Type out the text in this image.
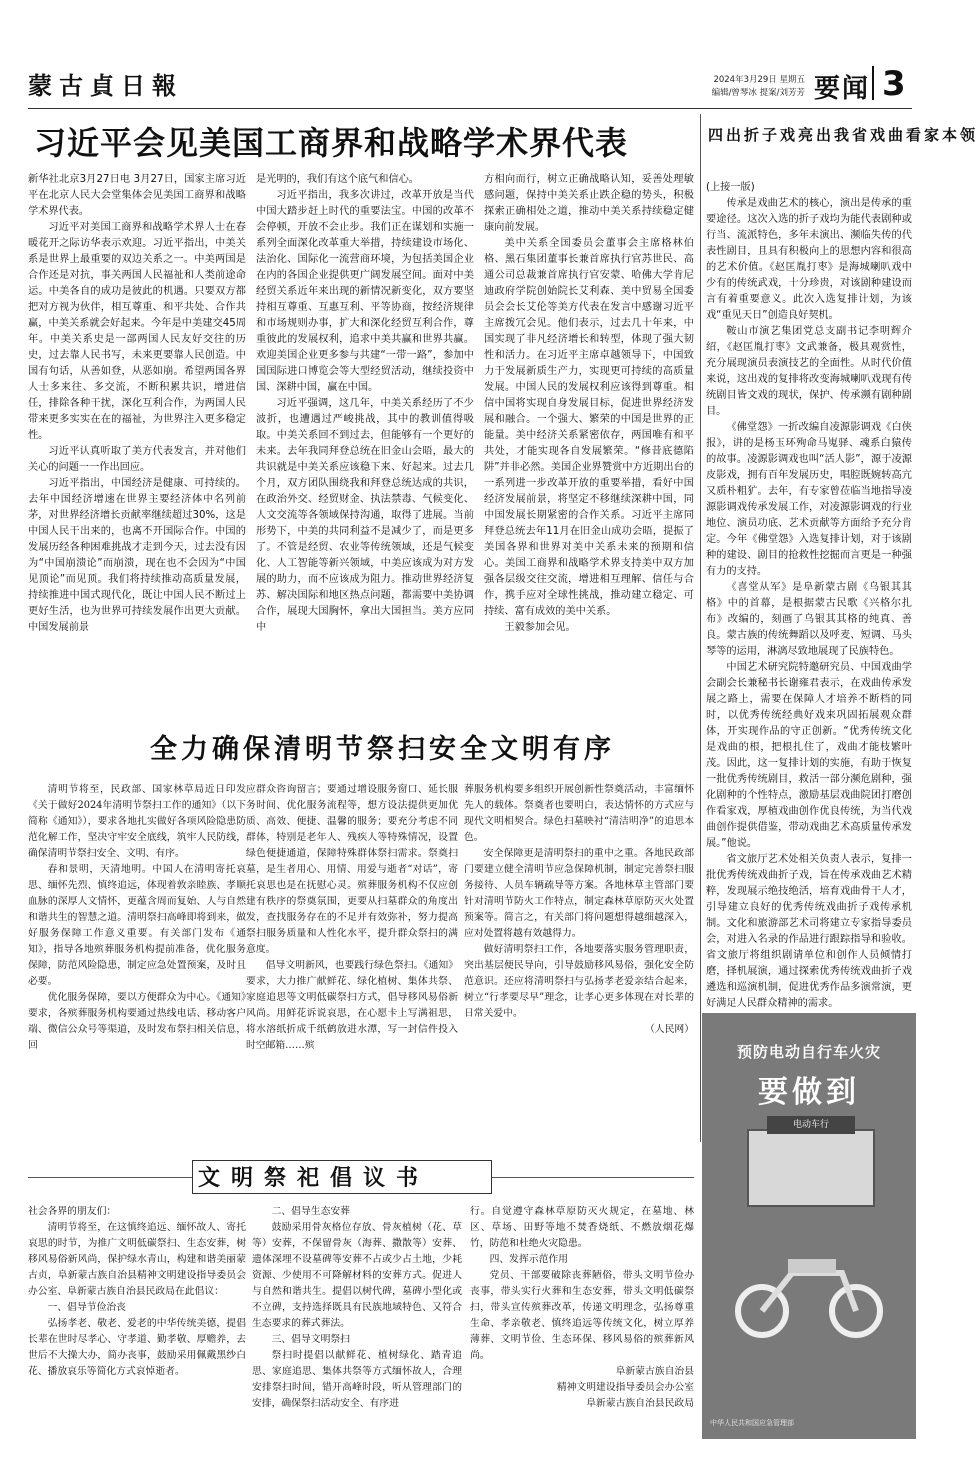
蒙古貞日報	2024年3月29日 星期五
编辑/曾琴冰 提案/刘芳芳 要闻 3
习近平会见美国工商界和战略学术界代表	四出折子戏亮出我省戏曲看家本领

新华社北京3月27日电 3月27日，国家主席习近平在北京人民大会堂集体会见美国工商界和战略学术界代表。

习近平对美国工商界和战略学术界人士在春暖花开之际访华表示欢迎。习近平指出，中美关系是世界上最重要的双边关系之一。中美两国是合作还是对抗，事关两国人民福祉和人类前途命运。中美各自的成功是彼此的机遇。只要双方都把对方视为伙伴，相互尊重、和平共处、合作共赢，中美关系就会好起来。今年是中美建交45周年。中美关系史是一部两国人民友好交往的历史，过去靠人民书写，未来更要靠人民创造。中国有句话，从善如登，从恶如崩。希望两国各界人士多来往、多交流，不断积累共识，增进信任，排除各种干扰，深化互利合作，为两国人民带来更多实实在在的福祉，为世界注入更多稳定性。

习近平认真听取了美方代表发言，并对他们关心的问题一一作出回应。

习近平指出，中国经济是健康、可持续的。去年中国经济增速在世界主要经济体中名列前茅，对世界经济增长贡献率继续超过30%，这是中国人民干出来的，也离不开国际合作。中国的发展历经各种困难挑战才走到今天，过去没有因为“中国崩溃论”而崩溃，现在也不会因为“中国见顶论”而见顶。我们将持续推动高质量发展，持续推进中国式现代化，既让中国人民不断过上更好生活，也为世界可持续发展作出更大贡献。中国发展前景

是光明的，我们有这个底气和信心。

习近平指出，我多次讲过，改革开放是当代中国大踏步赶上时代的重要法宝。中国的改革不会停顿，开放不会止步。我们正在谋划和实施一系列全面深化改革重大举措，持续建设市场化、法治化、国际化一流营商环境，为包括美国企业在内的各国企业提供更广阔发展空间。面对中美经贸关系近年来出现的新情况新变化，双方要坚持相互尊重、互惠互利、平等协商，按经济规律和市场规则办事，扩大和深化经贸互利合作，尊重彼此的发展权利，追求中美共赢和世界共赢。欢迎美国企业更多参与共建“一带一路”，参加中国国际进口博览会等大型经贸活动，继续投资中国、深耕中国，赢在中国。

习近平强调，这几年，中美关系经历了不少波折，也遭遇过严峻挑战，其中的教训值得吸取。中美关系回不到过去，但能够有一个更好的未来。去年我同拜登总统在旧金山会晤，最大的共识就是中美关系应该稳下来、好起来。过去几个月，双方团队围绕我和拜登总统达成的共识，在政治外交、经贸财金、执法禁毒、气候变化、人文交流等各领域保持沟通，取得了进展。当前形势下，中美的共同利益不是减少了，而是更多了。不管是经贸、农业等传统领域，还是气候变化、人工智能等新兴领域，中美应该成为对方发展的助力，而不应该成为阻力。推动世界经济复苏、解决国际和地区热点问题，都需要中美协调合作，展现大国胸怀，拿出大国担当。美方应同中

方相向而行，树立正确战略认知，妥善处理敏感问题，保持中美关系止跌企稳的势头，积极探索正确相处之道，推动中美关系持续稳定健康向前发展。

美中关系全国委员会董事会主席格林伯格、黑石集团董事长兼首席执行官苏世民、高通公司总裁兼首席执行官安蒙、哈佛大学肯尼迪政府学院创始院长艾利森、美中贸易全国委员会会长艾伦等美方代表在发言中感谢习近平主席拨冗会见。他们表示，过去几十年来，中国实现了非凡经济增长和转型，体现了强大韧性和活力。在习近平主席卓越领导下，中国致力于发展新质生产力，实现更可持续的高质量发展。中国人民的发展权利应该得到尊重。相信中国将实现自身发展目标，促进世界经济发展和融合。一个强大、繁荣的中国是世界的正能量。美中经济关系紧密依存，两国唯有和平共处，才能实现各自发展繁荣。“修昔底德陷阱”并非必然。美国企业界赞赏中方近期出台的一系列进一步改革开放的重要举措，看好中国经济发展前景，将坚定不移继续深耕中国，同中国发展长期紧密的合作关系。习近平主席同拜登总统去年11月在旧金山成功会晤，提振了美国各界和世界对美中关系未来的预期和信心。美国工商界和战略学术界支持美中双方加强各层级交往交流，增进相互理解、信任与合作，携手应对全球性挑战，推动建立稳定、可持续、富有成效的美中关系。

王毅参加会见。

(上接一版)

传承是戏曲艺术的核心，演出是传承的重要途径。这次入选的折子戏均为能代表剧种或行当、流派特色，多年未演出、濒临失传的代表性剧目，且具有积极向上的思想内容和很高的艺术价值。《赵匡胤打枣》是海城喇叭戏中少有的传统武戏，十分珍贵，对该剧种建设而言有着重要意义。此次入选复排计划，为该戏“重见天日”创造良好契机。

鞍山市演艺集团党总支副书记李明辉介绍，《赵匡胤打枣》文武兼备，极具观赏性，充分展现演员表演技艺的全面性。从时代价值来说，这出戏的复排将改变海城喇叭戏现有传统剧目皆文戏的现状，保护、传承濒有剧种剧目。

《佛堂怨》一折改编自凌源影调戏《白侠报》，讲的是杨玉环殉命马嵬驿、魂系白猿传的故事。凌源影调戏也叫“活人影”，源于凌源皮影戏，拥有百年发展历史，唱腔既婉转高亢又质朴粗犷。去年，有专家曾莅临当地指导凌源影调戏传承发展工作，对凌源影调戏的行业地位、演员功底、艺术贡献等方面给予充分肯定。今年《佛堂怨》入选复排计划，对于该剧种的建设、剧目的抢救性挖掘而言更是一种强有力的支持。

《喜堂从军》是阜新蒙古剧《乌银其其格》中的首幕，是根据蒙古民歌《兴格尔扎布》改编的，刻画了乌银其其格的纯真、善良。蒙古族的传统舞蹈以及呼麦、短调、马头琴等的运用，淋漓尽致地展现了民族特色。

中国艺术研究院特邀研究员、中国戏曲学会副会长兼秘书长谢雍君表示，在戏曲传承发展之路上，需要在保障人才培养不断档的同时，以优秀传统经典好戏来巩固拓展观众群体，开实现作品的守正创新。“优秀传统文化是戏曲的根，把根扎住了，戏曲才能枝繁叶茂。因此，这一复排计划的实施，有助于恢复一批优秀传统剧目，救活一部分濒危剧种，强化剧种的个性特点，激励基层戏曲院团打磨创作看家戏，厚植戏曲创作优良传统，为当代戏曲创作提供借鉴，带动戏曲艺术高质量传承发展。”他说。

省文旅厅艺术处相关负责人表示，复排一批优秀传统戏曲折子戏，旨在传承戏曲艺术精粹，发现展示绝技绝活，培育戏曲骨干人才，引导建立良好的优秀传统戏曲折子戏传承机制。文化和旅游部艺术司将建立专家指导委员会，对进入名录的作品进行跟踪指导和验收。省文旅厅将组织剧请单位和创作人员倾情打磨，择机展演，通过探索优秀传统戏曲折子戏遴选和巡演机制，促进优秀作品多演常演，更好满足人民群众精神的需求。

全力确保清明节祭扫安全文明有序

清明节将至，民政部、国家林草局近日印发《关于做好2024年清明节祭扫工作的通知》（以下简称《通知》），要求各地扎实做好各项风险隐患防范化解工作，坚决守牢安全底线，筑牢人民防线，确保清明节祭扫安全、文明、有序。

春和景明，天清地明。中国人在清明寄托哀思、缅怀先烈、慎终追远，体现着敦亲睦族、孝顺血脉的深厚人文情怀，更蕴含周而复始、人与自然和谐共生的智慧之道。清明祭扫高峰即将到来，做好服务保障工作意义重要。有关部门发布《通知》，指导各地殡葬服务机构提前准备，优化服务保障，防范风险隐患，制定应急处置预案，及时且必要。

优化服务保障，要以方便群众为中心。《通知》要求，各殡葬服务机构要通过热线电话、移动客户端、微信公众号等渠道，及时发布祭扫相关信息，回

应群众咨询留言；要通过增设服务窗口、延长服务时间、优化服务流程等，想方设法提供更加优质、高效、便捷、温馨的服务；要充分考虑不同群体，特别是老年人、残疾人等特殊情况，设置绿色便捷通道，保障特殊群体祭扫需求。祭奠扫墓，是生者用心、用情、用爱与逝者“对话”，寄托哀思也是在抚慰心灵。殡葬服务机构不仅应创建有秩序的祭奠氛围，更要从扫墓群众的角度出发，查找服务存在的不足并有效弥补，努力提高祭扫服务质量和人性化水平，提升群众祭扫的满意度。

倡导文明新风，也要践行绿色祭扫。《通知》要求，大力推广献鲜花、绿化植树、集体共祭、家庭追思等文明低碳祭扫方式，倡导移风易俗新风尚。用鲜花诉说哀思，在心愿卡上写满祖思，将水溶纸折成千纸鹤放进水潭，写一封信件投入时空邮箱……殡

葬服务机构要多组织开展创新性祭奠活动，丰富缅怀先人的载体。祭奠者也要明白，表达情怀的方式应与现代文明相契合。绿色扫墓映衬“清洁明净”的追思本色。

安全保障更是清明祭扫的重中之重。各地民政部门要建立健全清明节应急保障机制，制定完善祭扫服务接待、人员车辆疏导等方案。各地林草主管部门要针对清明节防火工作特点，制定森林草原防灭火处置预案等。简言之，有关部门将问题想得越细越深入，应对处置将越有效越得力。

做好清明祭扫工作，各地要落实服务管理职责，突出基层便民导向，引导鼓励移风易俗，强化安全防范意识。还应将清明祭扫与弘扬孝老爱亲结合起来，树立“行孝要尽早”理念，让孝心更多体现在对长辈的日常关爱中。

（人民网）

文明祭祀倡议书

社会各界的朋友们：

清明节将至，在这慎终追远、缅怀故人、寄托哀思的时节，为推广文明低碳祭扫、生态安葬，树移风易俗新风尚，保护绿水青山，构建和谐美丽蒙古贞，阜新蒙古族自治县精神文明建设指导委员会办公室、阜新蒙古族自治县民政局在此倡议：

一、倡导节俭治丧

弘扬孝老、敬老、爱老的中华传统美德，提倡长辈在世时尽孝心、守孝道、勤孝敬、厚赡养，去世后不大操大办，简办丧事，鼓励采用佩戴黑纱白花、播放哀乐等简化方式哀悼逝者。

二、倡导生态安葬

鼓励采用骨灰格位存放、骨灰植树（花、草等）安葬，不保留骨灰（海葬、撒散等）安葬、遗体深埋不设墓碑等安葬不占或少占土地，少耗资源、少使用不可降解材料的安葬方式。促进人与自然和谐共生。提倡以树代碑，墓碑小型化或不立碑，支持选择既具有民族地域特色、又符合生态要求的葬式葬法。

三、倡导文明祭扫

祭扫时提倡以献鲜花、植树绿化、踏青追思、家庭追思、集体共祭等方式缅怀故人，合理安排祭扫时间，错开高峰时段，听从管理部门的安排，确保祭扫活动安全、有序进

行。自觉遵守森林草原防灭火规定，在墓地、林区、草场、田野等地不焚香烧纸、不燃放烟花爆竹，防范和杜绝火灾隐患。

四、发挥示范作用

党员、干部要破除丧葬陋俗，带头文明节俭办丧事，带头实行火葬和生态安葬，带头文明低碳祭扫，带头宣传殡葬改革，传递文明理念，弘扬尊重生命、孝亲敬老、慎终追远等传统文化，树立厚养薄葬、文明节俭、生态环保、移风易俗的殡葬新风尚。

阜新蒙古族自治县

精神文明建设指导委员会办公室

阜新蒙古族自治县民政局

预防电动自行车火灾
要做到
电动车行
中华人民共和国应急管理部
